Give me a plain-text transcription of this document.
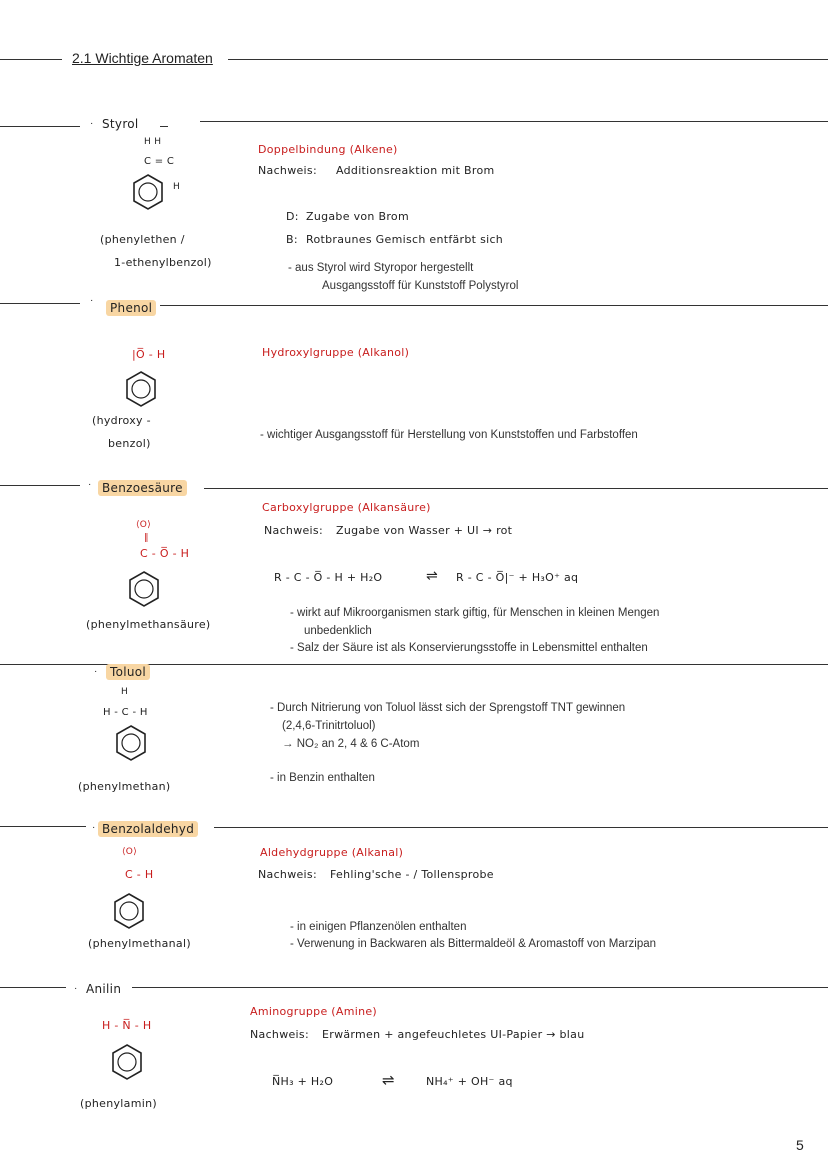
2.1 Wichtige Aromaten
· Styrol
H H
C = C
H
(phenylethen /
1-ethenylbenzol)
Doppelbindung (Alkene)
Nachweis: Additionsreaktion mit Brom
D: Zugabe von Brom
B: Rotbraunes Gemisch entfärbt sich
- aus Styrol wird Styropor hergestellt
Ausgangsstoff für Kunststoff Polystyrol
·
Phenol
|O̅ - H
(hydroxy -
benzol)
Hydroxylgruppe (Alkanol)
- wichtiger Ausgangsstoff für Herstellung von Kunststoffen und Farbstoffen
· Benzoesäure
⟨O⟩
‖
C - O̅ - H
(phenylmethansäure)
Carboxylgruppe (Alkansäure)
Nachweis: Zugabe von Wasser + UI → rot
R - C - O̅ - H + H₂O	⇌ R - C - O̅|⁻ + H₃O⁺ aq
- wirkt auf Mikroorganismen stark giftig, für Menschen in kleinen Mengen
unbedenklich
- Salz der Säure ist als Konservierungsstoffe in Lebensmittel enthalten
·	Toluol
H
H - C - H
(phenylmethan)
- Durch Nitrierung von Toluol lässt sich der Sprengstoff TNT gewinnen
(2,4,6-Trinitrtoluol)
→ NO₂ an 2, 4 & 6 C-Atom
- in Benzin enthalten
· Benzolaldehyd
⟨O⟩
C - H
(phenylmethanal)
Aldehydgruppe (Alkanal)
Nachweis: Fehling'sche - / Tollensprobe
- in einigen Pflanzenölen enthalten
- Verwenung in Backwaren als Bittermaldeöl & Aromastoff von Marzipan
· Anilin
H - N̅ - H
(phenylamin)
Aminogruppe (Amine)
Nachweis: Erwärmen + angefeuchletes UI-Papier → blau
N̅H₃ + H₂O	⇌	NH₄⁺ + OH⁻ aq
5
